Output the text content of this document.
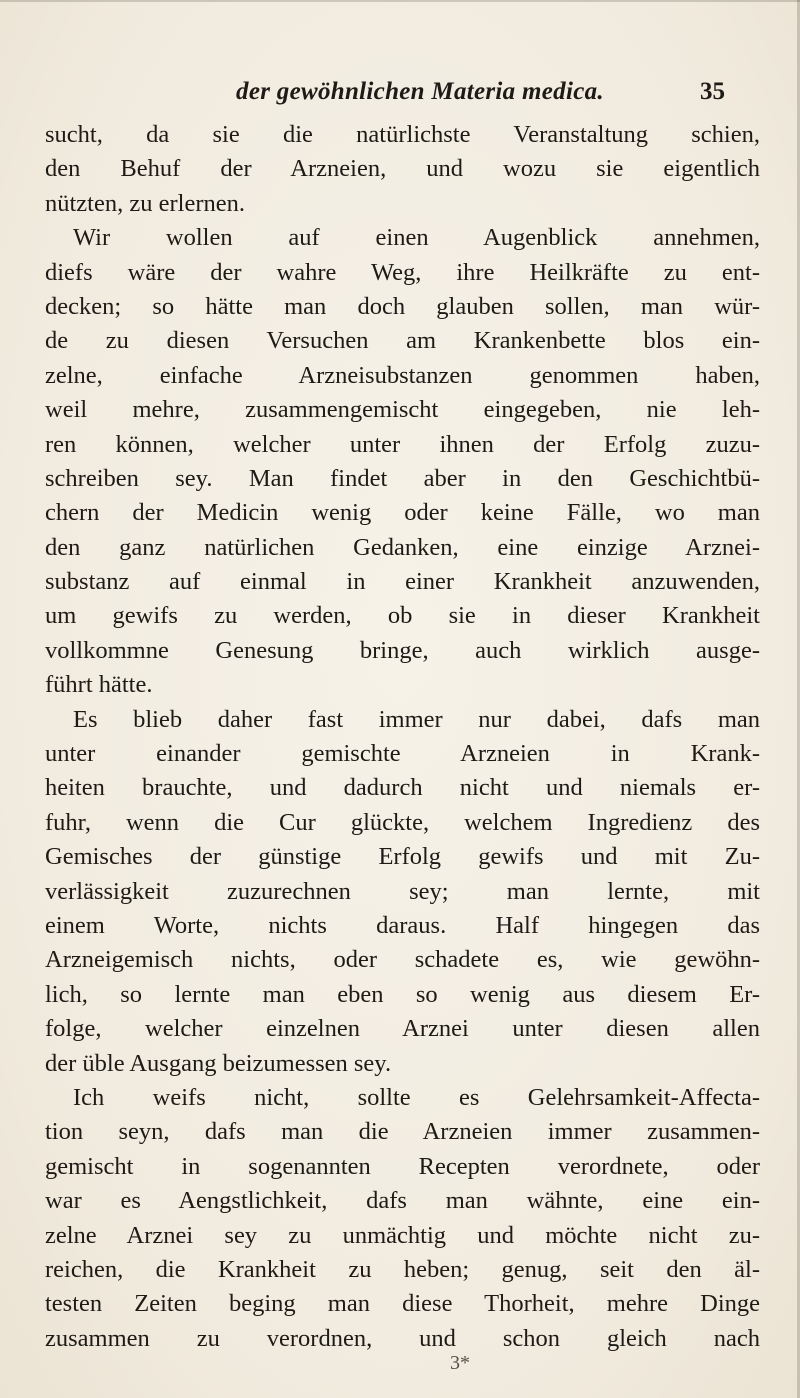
der gewöhnlichen Materia medica.	35
sucht, da sie die natürlichste Veranstaltung schien,
den Behuf der Arzneien, und wozu sie eigentlich
nützten, zu erlernen.
Wir wollen auf einen Augenblick annehmen,
diefs wäre der wahre Weg, ihre Heilkräfte zu ent-
decken; so hätte man doch glauben sollen, man wür-
de zu diesen Versuchen am Krankenbette blos ein-
zelne, einfache Arzneisubstanzen genommen haben,
weil mehre, zusammengemischt eingegeben, nie leh-
ren können, welcher unter ihnen der Erfolg zuzu-
schreiben sey. Man findet aber in den Geschichtbü-
chern der Medicin wenig oder keine Fälle, wo man
den ganz natürlichen Gedanken, eine einzige Arznei-
substanz auf einmal in einer Krankheit anzuwenden,
um gewifs zu werden, ob sie in dieser Krankheit
vollkommne Genesung bringe, auch wirklich ausge-
führt hätte.
Es blieb daher fast immer nur dabei, dafs man
unter einander gemischte Arzneien in Krank-
heiten brauchte, und dadurch nicht und niemals er-
fuhr, wenn die Cur glückte, welchem Ingredienz des
Gemisches der günstige Erfolg gewifs und mit Zu-
verlässigkeit zuzurechnen sey; man lernte, mit
einem Worte, nichts daraus. Half hingegen das
Arzneigemisch nichts, oder schadete es, wie gewöhn-
lich, so lernte man eben so wenig aus diesem Er-
folge, welcher einzelnen Arznei unter diesen allen
der üble Ausgang beizumessen sey.
Ich weifs nicht, sollte es Gelehrsamkeit-Affecta-
tion seyn, dafs man die Arzneien immer zusammen-
gemischt in sogenannten Recepten verordnete, oder
war es Aengstlichkeit, dafs man wähnte, eine ein-
zelne Arznei sey zu unmächtig und möchte nicht zu-
reichen, die Krankheit zu heben; genug, seit den äl-
testen Zeiten beging man diese Thorheit, mehre Dinge
zusammen zu verordnen, und schon gleich nach
3*
